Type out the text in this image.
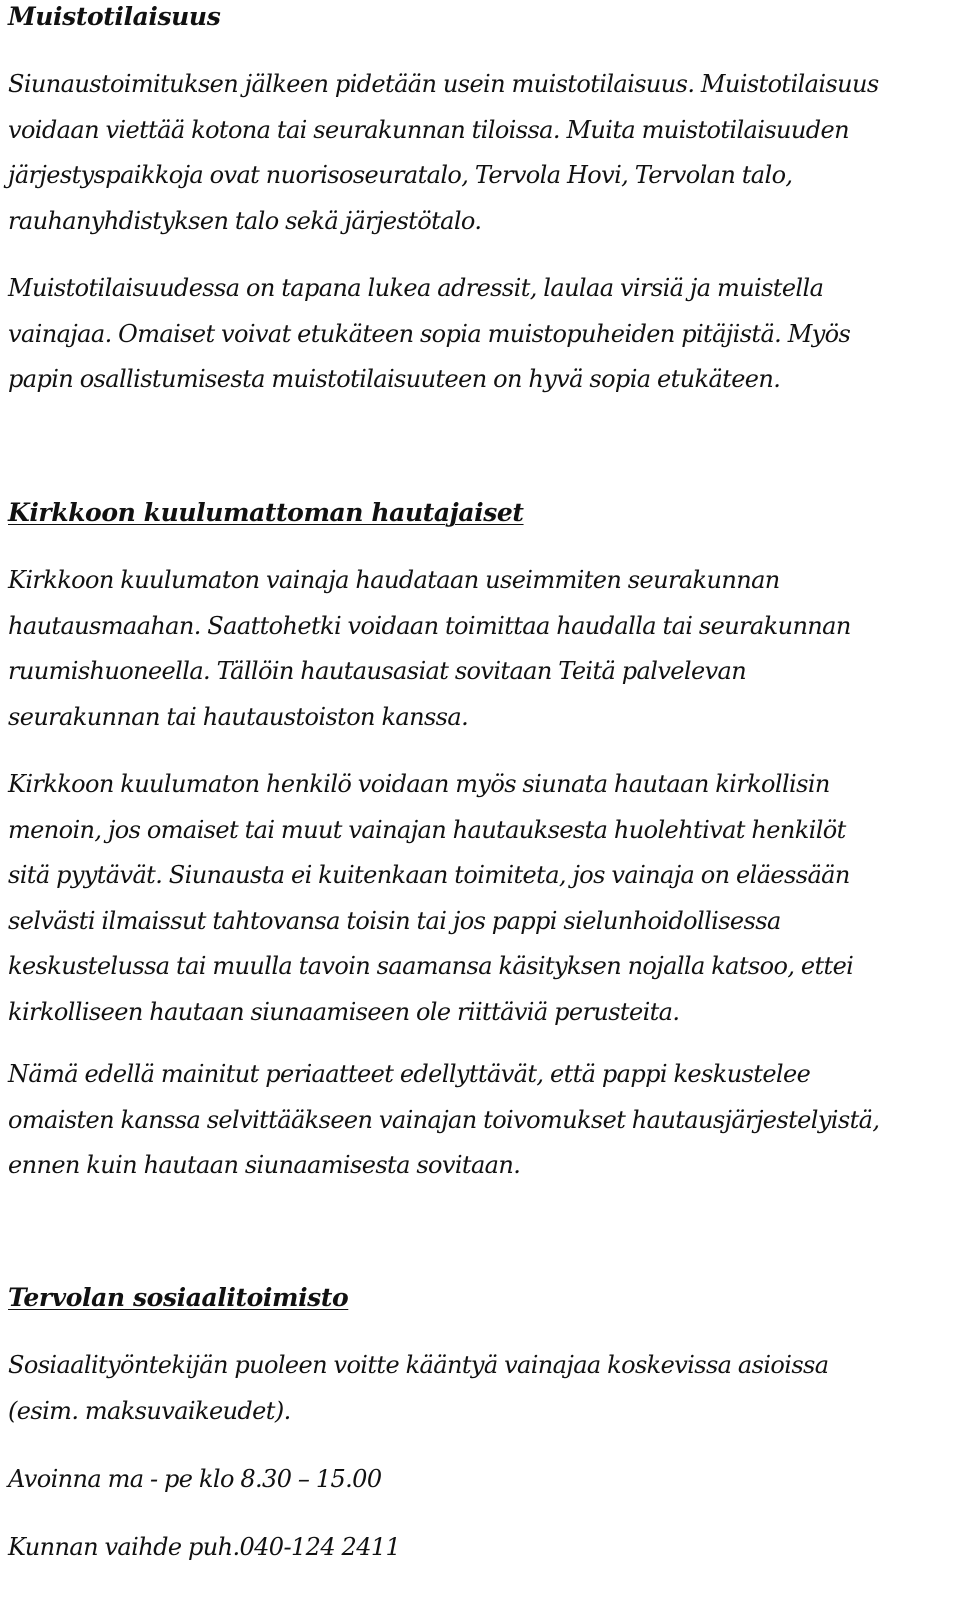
Muistotilaisuus

Siunaustoimituksen jälkeen pidetään usein muistotilaisuus. Muistotilaisuus
voidaan viettää kotona tai seurakunnan tiloissa. Muita muistotilaisuuden
järjestyspaikkoja ovat nuorisoseuratalo, Tervola Hovi, Tervolan talo,
rauhanyhdistyksen talo sekä järjestötalo.

Muistotilaisuudessa on tapana lukea adressit, laulaa virsiä ja muistella
vainajaa. Omaiset voivat etukäteen sopia muistopuheiden pitäjistä. Myös
papin osallistumisesta muistotilaisuuteen on hyvä sopia etukäteen.

Kirkkoon kuulumattoman hautajaiset

Kirkkoon kuulumaton vainaja haudataan useimmiten seurakunnan
hautausmaahan. Saattohetki voidaan toimittaa haudalla tai seurakunnan
ruumishuoneella. Tällöin hautausasiat sovitaan Teitä palvelevan
seurakunnan tai hautaustoiston kanssa.

Kirkkoon kuulumaton henkilö voidaan myös siunata hautaan kirkollisin
menoin, jos omaiset tai muut vainajan hautauksesta huolehtivat henkilöt
sitä pyytävät. Siunausta ei kuitenkaan toimiteta, jos vainaja on eläessään
selvästi ilmaissut tahtovansa toisin tai jos pappi sielunhoidollisessa
keskustelussa tai muulla tavoin saamansa käsityksen nojalla katsoo, ettei
kirkolliseen hautaan siunaamiseen ole riittäviä perusteita.

Nämä edellä mainitut periaatteet edellyttävät, että pappi keskustelee
omaisten kanssa selvittääkseen vainajan toivomukset hautausjärjestelyistä,
ennen kuin hautaan siunaamisesta sovitaan.

Tervolan sosiaalitoimisto

Sosiaalityöntekijän puoleen voitte kääntyä vainajaa koskevissa asioissa
(esim. maksuvaikeudet).

Avoinna ma - pe klo 8.30 – 15.00

Kunnan vaihde puh.040-124 2411
